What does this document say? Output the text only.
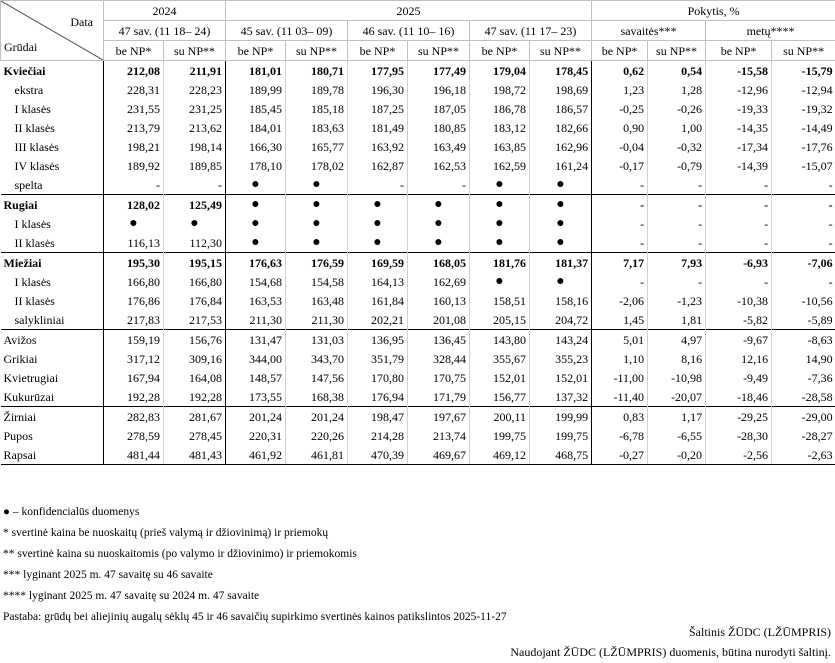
Data
Grūdai	2024		2025						Pokytis, %			
	47 sav. (11 18– 24)		45 sav. (11 03– 09)		46 sav. (11 10– 16)		47 sav. (11 17– 23)		savaitės***		metų****	
	be NP*	su NP**	be NP*	su NP**	be NP*	su NP**	be NP*	su NP**	be NP*	su NP**	be NP*	su NP**
Kviečiai	212,08	211,91	181,01	180,71	177,95	177,49	179,04	178,45	0,62	0,54	-15,58	-15,79
ekstra	228,31	228,23	189,99	189,78	196,30	196,18	198,72	198,69	1,23	1,28	-12,96	-12,94
I klasės	231,55	231,25	185,45	185,18	187,25	187,05	186,78	186,57	-0,25	-0,26	-19,33	-19,32
II klasės	213,79	213,62	184,01	183,63	181,49	180,85	183,12	182,66	0,90	1,00	-14,35	-14,49
III klasės	198,21	198,14	166,30	165,77	163,92	163,49	163,85	162,96	-0,04	-0,32	-17,34	-17,76
IV klasės	189,92	189,85	178,10	178,02	162,87	162,53	162,59	161,24	-0,17	-0,79	-14,39	-15,07
spelta	-	-	●	●	-	-	●	●	-	-	-	-
Rugiai	128,02	125,49	●	●	●	●	●	●	-	-	-	-
I klasės	●	●	●	●	●	●	●	●	-	-	-	-
II klasės	116,13	112,30	●	●	●	●	●	●	-	-	-	-
Miežiai	195,30	195,15	176,63	176,59	169,59	168,05	181,76	181,37	7,17	7,93	-6,93	-7,06
I klasės	166,80	166,80	154,68	154,58	164,13	162,69	●	●	-	-	-	-
II klasės	176,86	176,84	163,53	163,48	161,84	160,13	158,51	158,16	-2,06	-1,23	-10,38	-10,56
salykliniai	217,83	217,53	211,30	211,30	202,21	201,08	205,15	204,72	1,45	1,81	-5,82	-5,89
Avižos	159,19	156,76	131,47	131,03	136,95	136,45	143,80	143,24	5,01	4,97	-9,67	-8,63
Grikiai	317,12	309,16	344,00	343,70	351,79	328,44	355,67	355,23	1,10	8,16	12,16	14,90
Kvietrugiai	167,94	164,08	148,57	147,56	170,80	170,75	152,01	152,01	-11,00	-10,98	-9,49	-7,36
Kukurūzai	192,28	192,28	173,55	168,38	176,94	171,79	156,77	137,32	-11,40	-20,07	-18,46	-28,58
Žirniai	282,83	281,67	201,24	201,24	198,47	197,67	200,11	199,99	0,83	1,17	-29,25	-29,00
Pupos	278,59	278,45	220,31	220,26	214,28	213,74	199,75	199,75	-6,78	-6,55	-28,30	-28,27
Rapsai	481,44	481,43	461,92	461,81	470,39	469,67	469,12	468,75	-0,27	-0,20	-2,56	-2,63
● – konfidencialūs duomenys
* svertinė kaina be nuoskaitų (prieš valymą ir džiovinimą) ir priemokų
** svertinė kaina su nuoskaitomis (po valymo ir džiovinimo) ir priemokomis
*** lyginant 2025 m. 47 savaitę su 46 savaite
**** lyginant 2025 m. 47 savaitę su 2024 m. 47 savaite
Pastaba: grūdų bei aliejinių augalų sėklų 45 ir 46 savaičių supirkimo svertinės kainos patikslintos 2025-11-27
Šaltinis ŽŪDC (LŽŪMPRIS)
Naudojant ŽŪDC (LŽŪMPRIS) duomenis, būtina nurodyti šaltinį.
